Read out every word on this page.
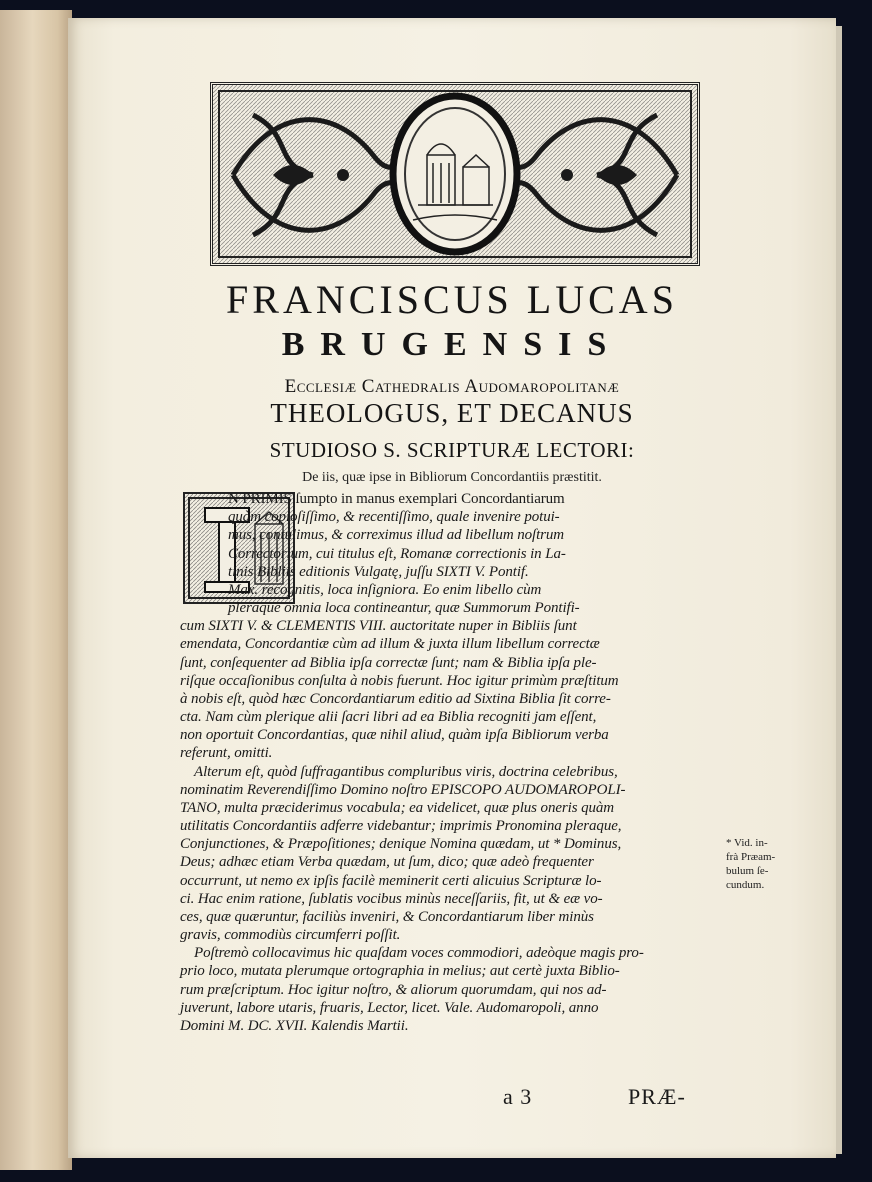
FRANCISCUS LUCAS
BRUGENSIS
Ecclesiæ Cathedralis Audomaropolitanæ
THEOLOGUS, ET DECANUS
STUDIOSO S. SCRIPTURÆ LECTORI:
De iis, quæ ipse in Bibliorum Concordantiis præstitit.
N PRIMIS ſumpto in manus exemplari Concordantiarum
quàm copioſiſſimo, & recentiſſimo, quale invenire potui-
mus, contulimus, & correximus illud ad libellum noſtrum
Correctorium, cui titulus eſt, Romanæ correctionis in La-
tinis Bibliis editionis Vulgatę, juſſu SIXTI V. Pontif.
Max. recognitis, loca inſigniora. Eo enim libello cùm
pleraque omnia loca contineantur, quæ Summorum Pontifi-
cum SIXTI V. & CLEMENTIS VIII. auctoritate nuper in Bibliis ſunt
emendata, Concordantiæ cùm ad illum & juxta illum libellum correctæ
ſunt, conſequenter ad Biblia ipſa correctæ ſunt; nam & Biblia ipſa ple-
riſque occaſionibus conſulta à nobis fuerunt. Hoc igitur primùm præſtitum
à nobis eſt, quòd hæc Concordantiarum editio ad Sixtina Biblia ſit corre-
cta. Nam cùm plerique alii ſacri libri ad ea Biblia recogniti jam eſſent,
non oportuit Concordantias, quæ nihil aliud, quàm ipſa Bibliorum verba
referunt, omitti.
Alterum eſt, quòd ſuffragantibus compluribus viris, doctrina celebribus,
nominatim Reverendiſſimo Domino noſtro EPISCOPO AUDOMAROPOLI-
TANO, multa præciderimus vocabula; ea videlicet, quæ plus oneris quàm
utilitatis Concordantiis adferre videbantur; imprimis Pronomina pleraque,
Conjunctiones, & Præpoſitiones; denique Nomina quædam, ut * Dominus,
Deus; adhæc etiam Verba quædam, ut ſum, dico; quæ adeò frequenter
occurrunt, ut nemo ex ipſis facilè meminerit certi alicuius Scripturæ lo-
ci. Hac enim ratione, ſublatis vocibus minùs neceſſariis, fit, ut & eæ vo-
ces, quæ quæruntur, faciliùs inveniri, & Concordantiarum liber minùs
gravis, commodiùs circumferri poſſit.
Poſtremò collocavimus hic quaſdam voces commodiori, adeòque magis pro-
prio loco, mutata plerumque ortographia in melius; aut certè juxta Biblio-
rum præſcriptum. Hoc igitur noſtro, & aliorum quorumdam, qui nos ad-
juverunt, labore utaris, fruaris, Lector, licet. Vale. Audomaropoli, anno
Domini M. DC. XVII. Kalendis Martii.
* Vid. in-
frà Præam-
bulum ſe-
cundum.
a 3	PRÆ-
